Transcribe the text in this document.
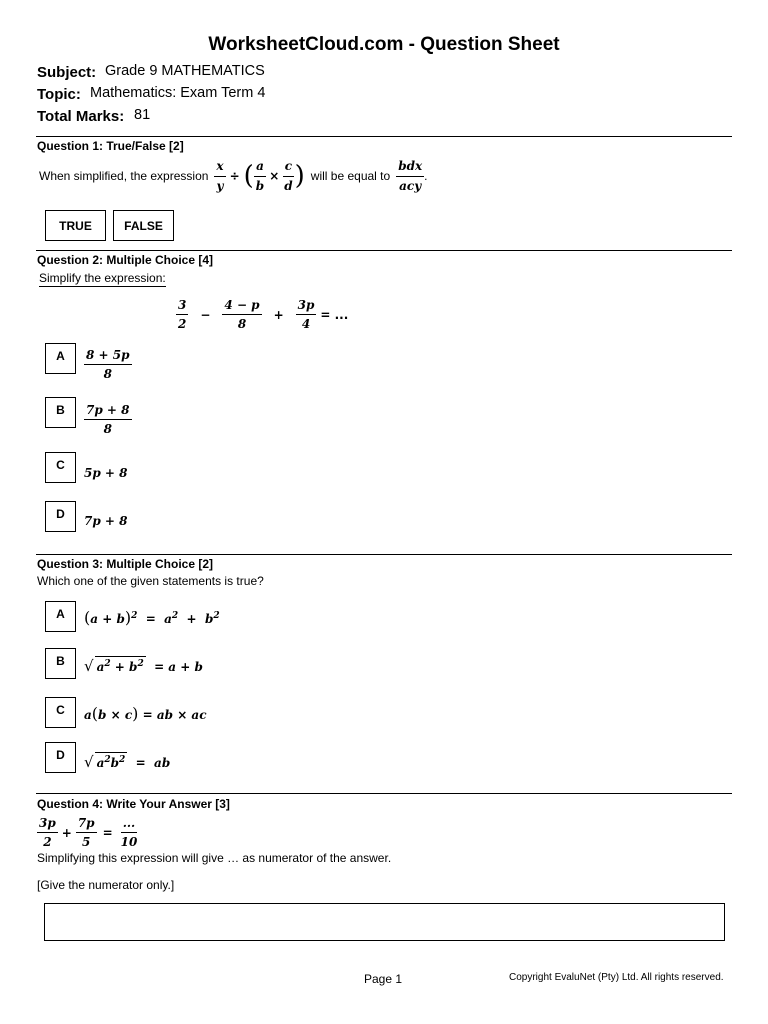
WorksheetCloud.com - Question Sheet
Subject: Grade 9 MATHEMATICS
Topic: Mathematics: Exam Term 4
Total Marks: 81
Question 1: True/False [2]
When simplified, the expression $\frac{x}{y}$ ÷ ( $\frac{a}{b} \times \frac{c}{d}$ ) will be equal to $\frac{\text{bdx}}{\text{acy}}$ .
TRUE	FALSE
Question 2: Multiple Choice [4]
Simplify the expression:
$\frac{3}{2} - \frac{4 - p}{8} + \frac{3p}{4}$ = ...
A	$\frac{8 + 5p}{8}$
B	$\frac{7p + 8}{8}$
C
5p + 8
D	7p + 8
Question 3: Multiple Choice [2]
Which one of the given statements is true?
A	$(a + b)^2 = a^2 + b^2$
B	√ $a^2 + b^2 = a + b$
C	a(b × c) = ab × ac
D	√ $a^2b^2$ =  ab
Question 4: Write Your Answer [3]
$\frac{3p}{2} + \frac{7p}{5} = \frac{...}{10}$
Simplifying this expression will give … as numerator of the answer.
[Give the numerator only.]
Page 1	Copyright EvaluNet (Pty) Ltd. All rights reserved.
